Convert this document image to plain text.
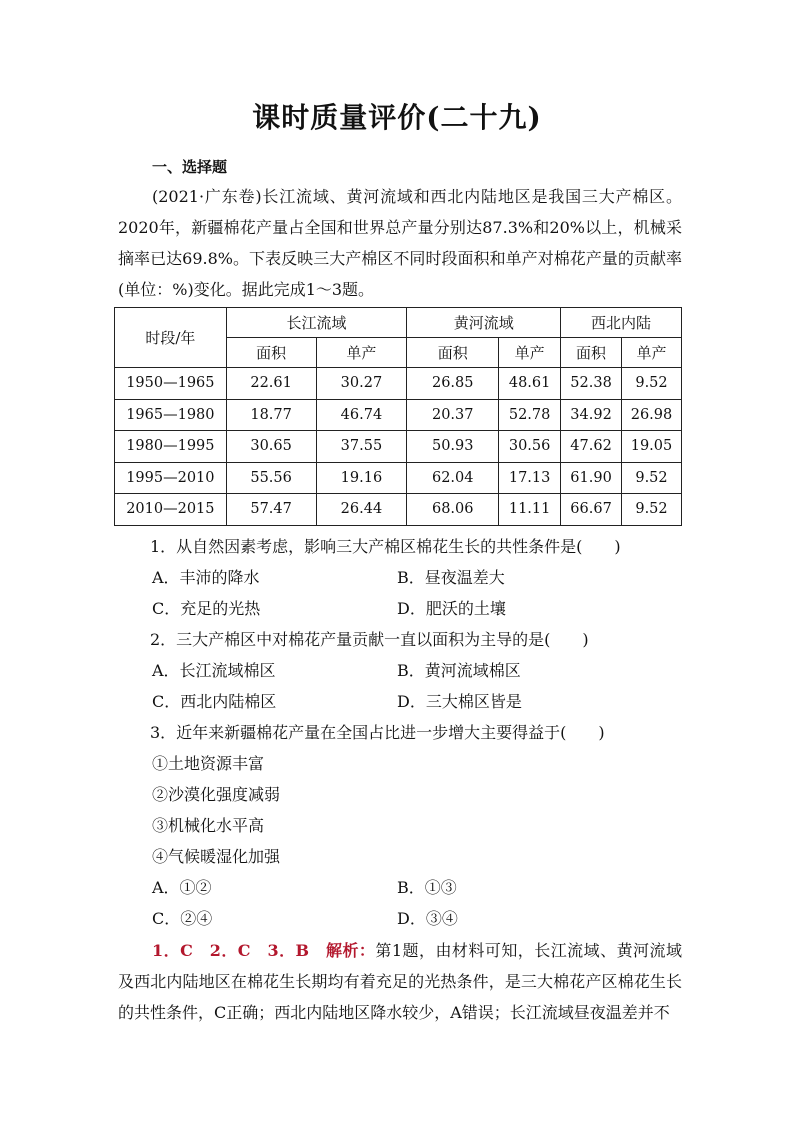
课时质量评价(二十九)
一、选择题
(2021·广东卷)长江流域、黄河流域和西北内陆地区是我国三大产棉区。2020年，新疆棉花产量占全国和世界总产量分别达87.3%和20%以上，机械采摘率已达69.8%。下表反映三大产棉区不同时段面积和单产对棉花产量的贡献率(单位：%)变化。据此完成1～3题。
时段/年	长江流域		黄河流域		西北内陆	
	面积	单产	面积	单产	面积	单产
1950—1965	22.61	30.27	26.85	48.61	52.38	9.52
1965—1980	18.77	46.74	20.37	52.78	34.92	26.98
1980—1995	30.65	37.55	50.93	30.56	47.62	19.05
1995—2010	55.56	19.16	62.04	17.13	61.90	9.52
2010—2015	57.47	26.44	68.06	11.11	66.67	9.52
1．从自然因素考虑，影响三大产棉区棉花生长的共性条件是(　　)
A．丰沛的降水	B．昼夜温差大
C．充足的光热	D．肥沃的土壤
2．三大产棉区中对棉花产量贡献一直以面积为主导的是(　　)
A．长江流域棉区	B．黄河流域棉区
C．西北内陆棉区	D．三大棉区皆是
3．近年来新疆棉花产量在全国占比进一步增大主要得益于(　　)
①土地资源丰富
②沙漠化强度减弱
③机械化水平高
④气候暖湿化加强
A．①②	B．①③
C．②④	D．③④
1．C　2．C　3．B　解析：第1题，由材料可知，长江流域、黄河流域及西北内陆地区在棉花生长期均有着充足的光热条件，是三大棉花产区棉花生长的共性条件，C正确；西北内陆地区降水较少，A错误；长江流域昼夜温差并不
